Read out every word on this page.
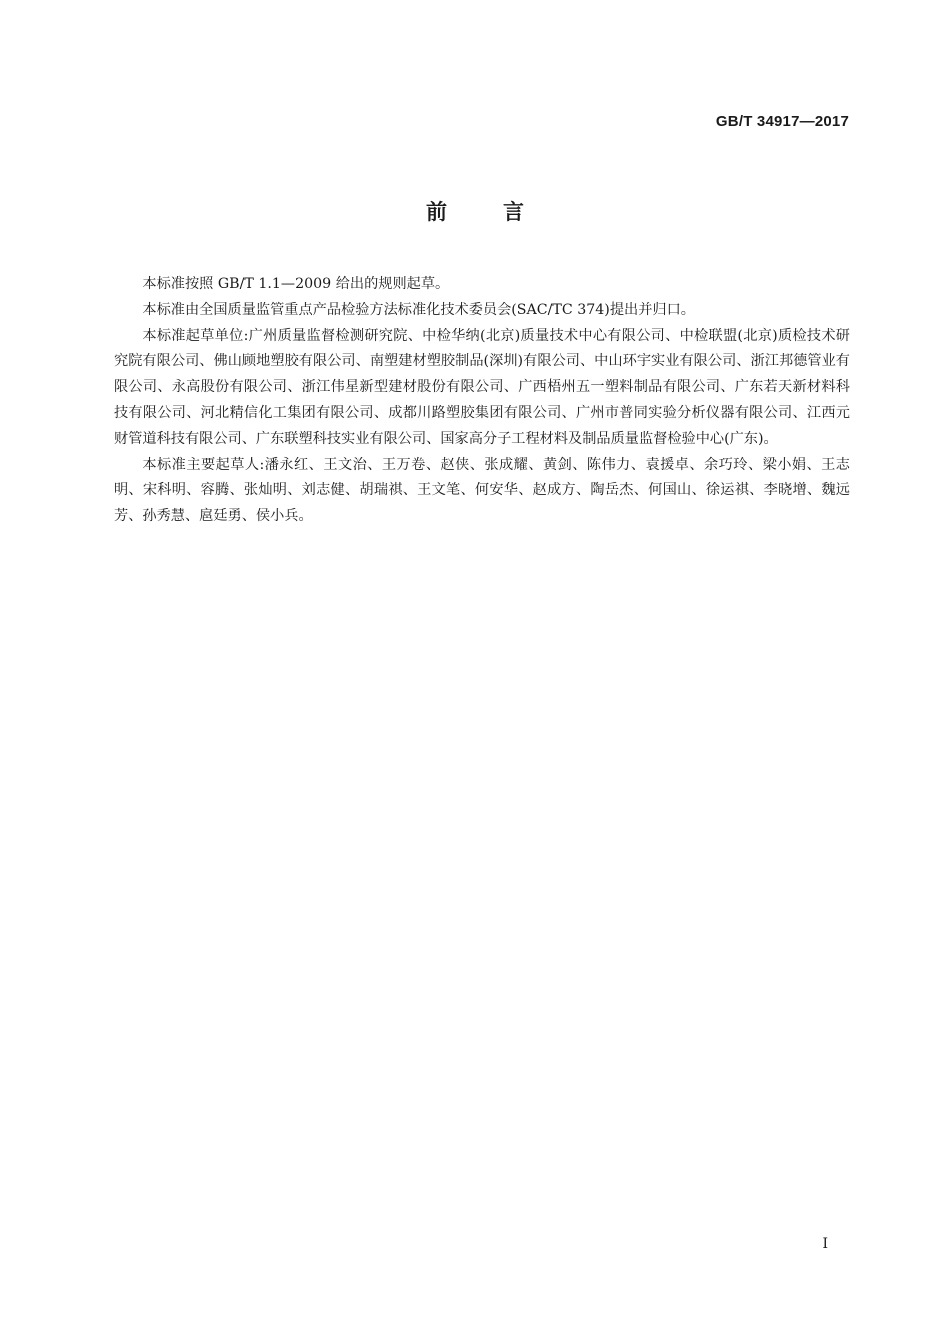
GB/T 34917—2017
前言

本标准按照 GB/T 1.1—2009 给出的规则起草。

本标准由全国质量监管重点产品检验方法标准化技术委员会(SAC/TC 374)提出并归口。

本标准起草单位:广州质量监督检测研究院、中检华纳(北京)质量技术中心有限公司、中检联盟(北京)质检技术研究院有限公司、佛山顾地塑胶有限公司、南塑建材塑胶制品(深圳)有限公司、中山环宇实业有限公司、浙江邦德管业有限公司、永高股份有限公司、浙江伟星新型建材股份有限公司、广西梧州五一塑料制品有限公司、广东若天新材料科技有限公司、河北精信化工集团有限公司、成都川路塑胶集团有限公司、广州市普同实验分析仪器有限公司、江西元财管道科技有限公司、广东联塑科技实业有限公司、国家高分子工程材料及制品质量监督检验中心(广东)。

本标准主要起草人:潘永红、王文治、王万卷、赵侠、张成耀、黄剑、陈伟力、袁援卓、余巧玲、梁小娟、王志明、宋科明、容腾、张灿明、刘志健、胡瑞祺、王文笔、何安华、赵成方、陶岳杰、何国山、徐运祺、李晓增、魏远芳、孙秀慧、扈廷勇、侯小兵。

I
